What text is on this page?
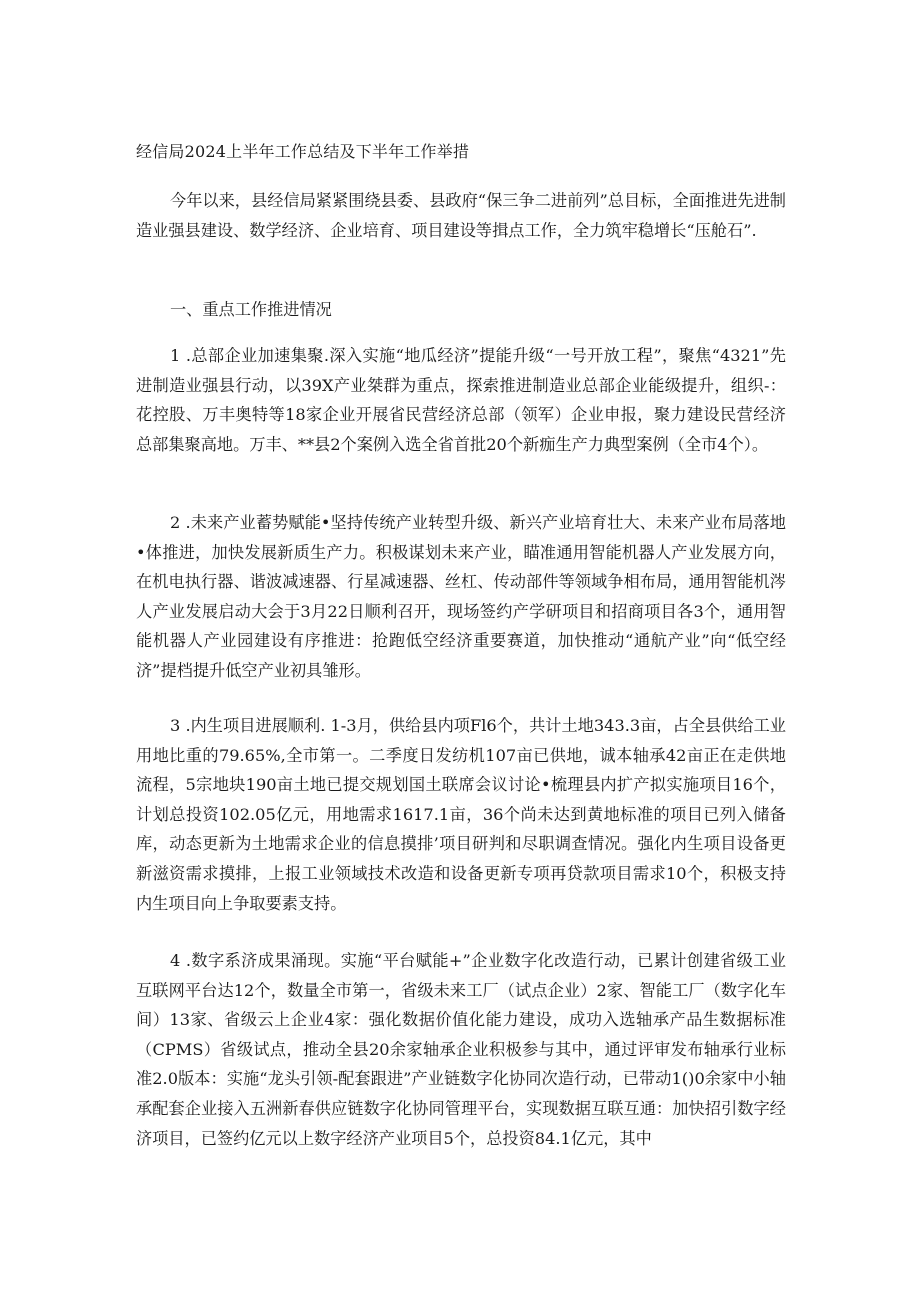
经信局2024上半年工作总结及下半年工作举措

今年以来，县经信局紧紧围绕县委、县政府“保三争二进前列”总目标，全面推进先进制造业强县建设、数学经济、企业培育、项目建设等揖点工作，全力筑牢稳增长“压舱石”.

一、重点工作推进情况

1 .总部企业加速集聚.深入实施“地瓜经济”提能升级“一号开放工程”，聚焦“4321”先进制造业强县行动，以39X产业桀群为重点，探索推进制造业总部企业能级提升，组织-：花控股、万丰奥特等18家企业开展省民营经济总部（领军）企业申报，聚力建设民营经济总部集聚高地。万丰、**县2个案例入选全省首批20个新痂生产力典型案例（全市4个）。

2 .未来产业蓄势赋能•坚持传统产业转型升级、新兴产业培育壮大、未来产业布局落地•体推进，加快发展新质生产力。积极谋划未来产业，瞄准通用智能机器人产业发展方向，在机电执行器、谐波减速器、行星减速器、丝杠、传动部件等领域争相布局，通用智能机涔人产业发展启动大会于3月22日顺利召开，现场签约产学研项目和招商项目各3个，通用智能机器人产业园建设有序推进：抢跑低空经济重要赛道，加快推动“通航产业”向“低空经济”提档提升低空产业初具雏形。

3 .内生项目进展顺利. 1-3月，供给县内项Fl6个，共计土地343.3亩，占全县供给工业用地比重的79.65%,全市第一。二季度日发纺机107亩已供地，诚本轴承42亩正在走供地流程，5宗地块190亩土地已提交规划国土联席会议讨论•梳理县内扩产拟实施项目16个，计划总投资102.05亿元，用地需求1617.1亩，36个尚未达到黄地标准的项目已列入储备库，动态更新为土地需求企业的信息摸排’项目研判和尽职调查情况。强化内生项目设备更新滋资需求摸排，上报工业领域技术改造和设备更新专项再贷款项目需求10个，积极支持内生项目向上争取要素支持。

4 .数字系济成果涌现。实施“平台赋能+”企业数字化改造行动，已累计创建省级工业互联网平台达12个，数量全市第一，省级未来工厂（试点企业）2家、智能工厂（数字化车间）13家、省级云上企业4家：强化数据价值化能力建设，成功入选轴承产品生数据标准（CPMS）省级试点，推动全县20余家轴承企业积极参与其中，通过评审发布轴承行业标准2.0版本：实施“龙头引领-配套跟进”产业链数字化协同次造行动，已带动1()0余家中小轴承配套企业接入五洲新春供应链数字化协同管理平台，实现数据互联互通：加快招引数字经济项目，已签约亿元以上数字经济产业项目5个，总投资84.1亿元，其中
